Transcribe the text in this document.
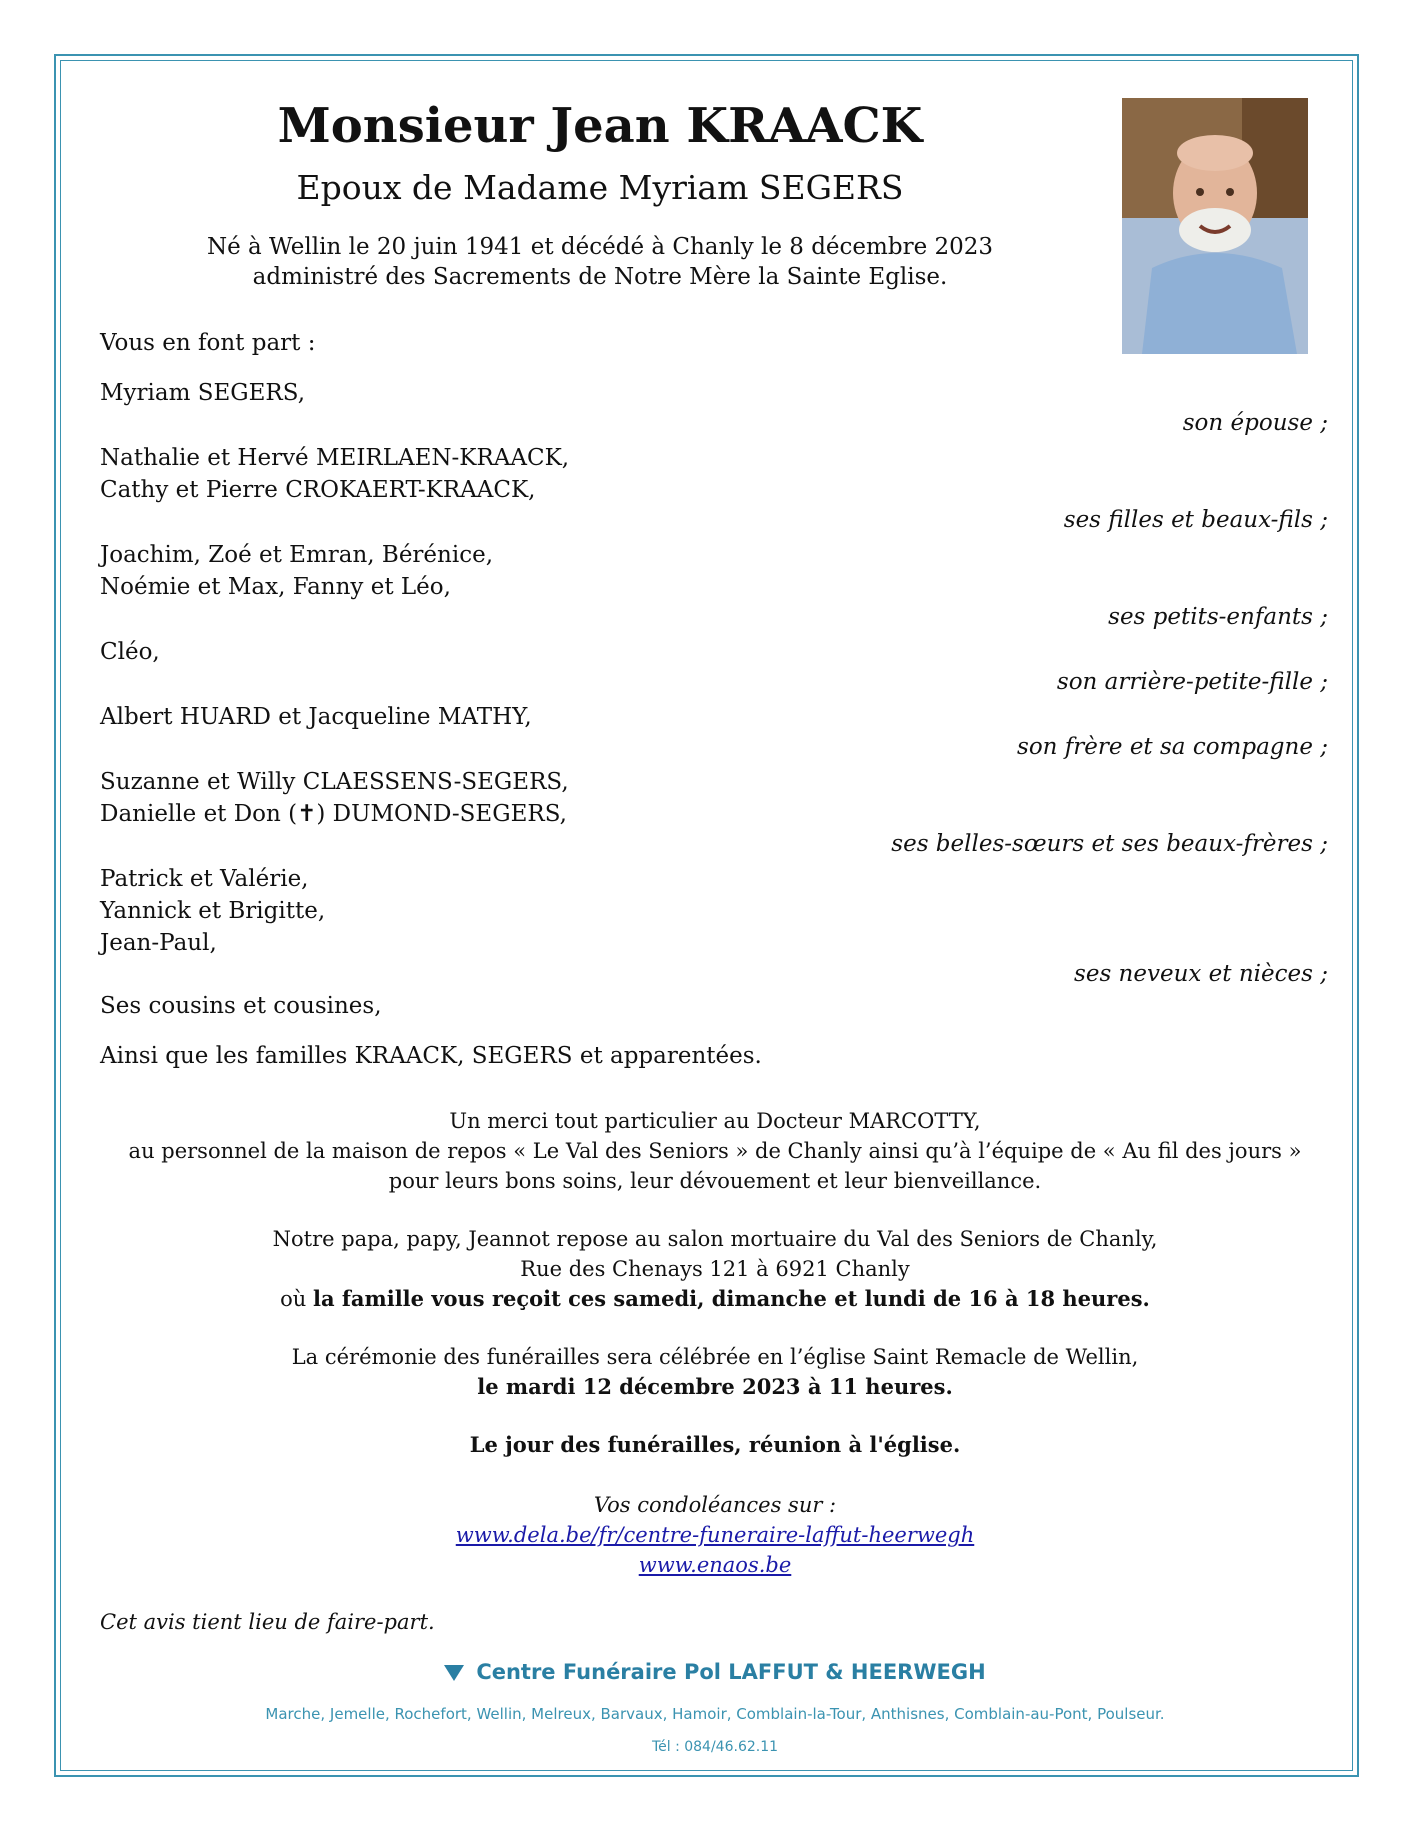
Monsieur Jean KRAACK
Epoux de Madame Myriam SEGERS
Né à Wellin le 20 juin 1941 et décédé à Chanly le 8 décembre 2023
administré des Sacrements de Notre Mère la Sainte Eglise.
Vous en font part :
Myriam SEGERS,
son épouse ;
Nathalie et Hervé MEIRLAEN-KRAACK,
Cathy et Pierre CROKAERT-KRAACK,
ses filles et beaux-fils ;
Joachim, Zoé et Emran, Bérénice,
Noémie et Max, Fanny et Léo,
ses petits-enfants ;
Cléo,
son arrière-petite-fille ;
Albert HUARD et Jacqueline MATHY,
son frère et sa compagne ;
Suzanne et Willy CLAESSENS-SEGERS,
Danielle et Don (✝) DUMOND-SEGERS,
ses belles-sœurs et ses beaux-frères ;
Patrick et Valérie,
Yannick et Brigitte,
Jean-Paul,
ses neveux et nièces ;
Ses cousins et cousines,
Ainsi que les familles KRAACK, SEGERS et apparentées.
Un merci tout particulier au Docteur MARCOTTY,
au personnel de la maison de repos « Le Val des Seniors » de Chanly ainsi qu’à l’équipe de « Au fil des jours »
pour leurs bons soins, leur dévouement et leur bienveillance.
Notre papa, papy, Jeannot repose au salon mortuaire du Val des Seniors de Chanly,
Rue des Chenays 121 à 6921 Chanly
où la famille vous reçoit ces samedi, dimanche et lundi de 16 à 18 heures.
La cérémonie des funérailles sera célébrée en l’église Saint Remacle de Wellin,
le mardi 12 décembre 2023 à 11 heures.
Le jour des funérailles, réunion à l'église.
Vos condoléances sur :
www.dela.be/fr/centre-funeraire-laffut-heerwegh
www.enaos.be
Cet avis tient lieu de faire-part.
Centre Funéraire Pol LAFFUT & HEERWEGH
Marche, Jemelle, Rochefort, Wellin, Melreux, Barvaux, Hamoir, Comblain-la-Tour, Anthisnes, Comblain-au-Pont, Poulseur.
Tél : 084/46.62.11
